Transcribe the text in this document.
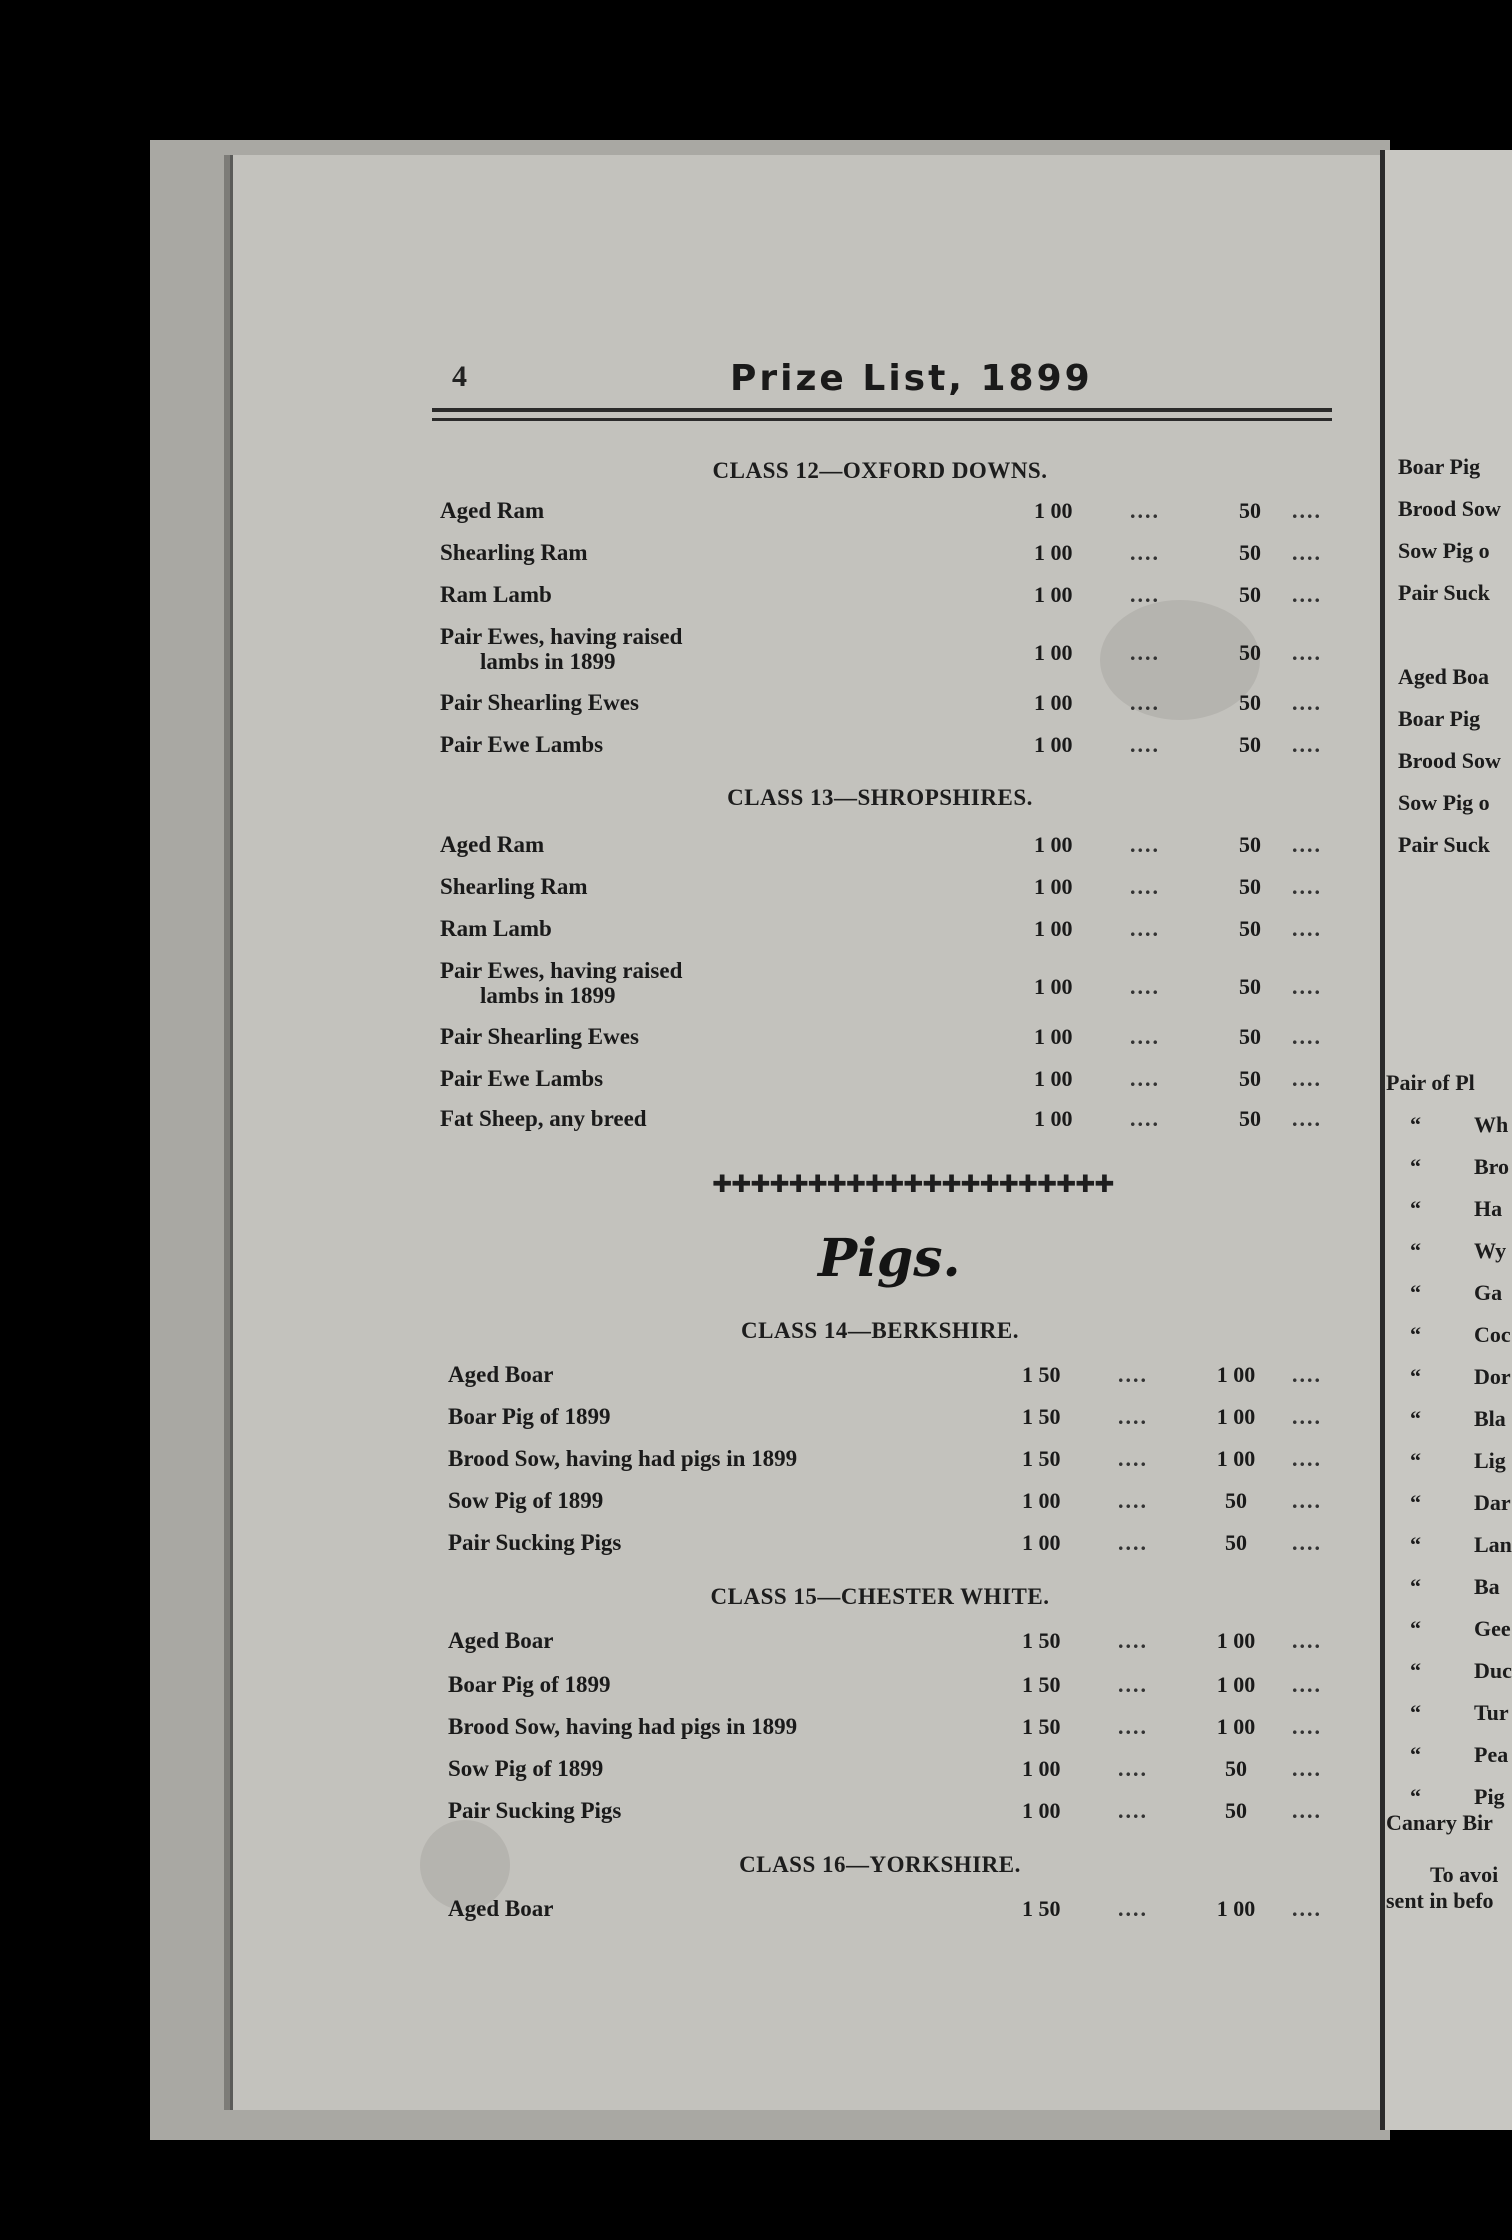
4	Prize List, 1899
CLASS 12—OXFORD DOWNS.
Aged Ram	1 00	....	50	....
Shearling Ram	1 00	....	50	....
Ram Lamb	1 00	....	50	....
Pair Ewes, having raised
lambs in 1899	1 00	....	50	....
Pair Shearling Ewes	1 00	....	50	....
Pair Ewe Lambs	1 00	....	50	....
CLASS 13—SHROPSHIRES.
Aged Ram	1 00	....	50	....
Shearling Ram	1 00	....	50	....
Ram Lamb	1 00	....	50	....
Pair Ewes, having raised
lambs in 1899	1 00	....	50	....
Pair Shearling Ewes	1 00	....	50	....
Pair Ewe Lambs	1 00	....	50	....
Fat Sheep, any breed	1 00	....	50	....
CLASS 14—BERKSHIRE.
Aged Boar	1 50	....	1 00	....
Boar Pig of 1899	1 50	....	1 00	....
Brood Sow, having had pigs in 1899	1 50	....	1 00	....
Sow Pig of 1899	1 00	....	50	....
Pair Sucking Pigs	1 00	....	50	....
CLASS 15—CHESTER WHITE.
Aged Boar	1 50	....	1 00	....
Boar Pig of 1899	1 50	....	1 00	....
Brood Sow, having had pigs in 1899	1 50	....	1 00	....
Sow Pig of 1899	1 00	....	50	....
Pair Sucking Pigs	1 00	....	50	....
CLASS 16—YORKSHIRE.
Aged Boar	1 50	....	1 00	....
✚✚✚✚✚✚✚✚✚✚✚✚✚✚✚✚✚✚✚✚✚
Pigs.
Boar Pig
Brood Sow
Sow Pig o
Pair Suck
Aged Boa
Boar Pig
Brood Sow
Sow Pig o
Pair Suck
Pair of Pl
“ Wh
“ Bro
“ Ha
“ Wy
“ Ga
“ Coc
“ Dor
“ Bla
“ Lig
“ Dar
“ Lan
“ Ba
“ Gee
“ Duc
“ Tur
“ Pea
“ Pig
Canary Bir
To avoi
sent in befo
